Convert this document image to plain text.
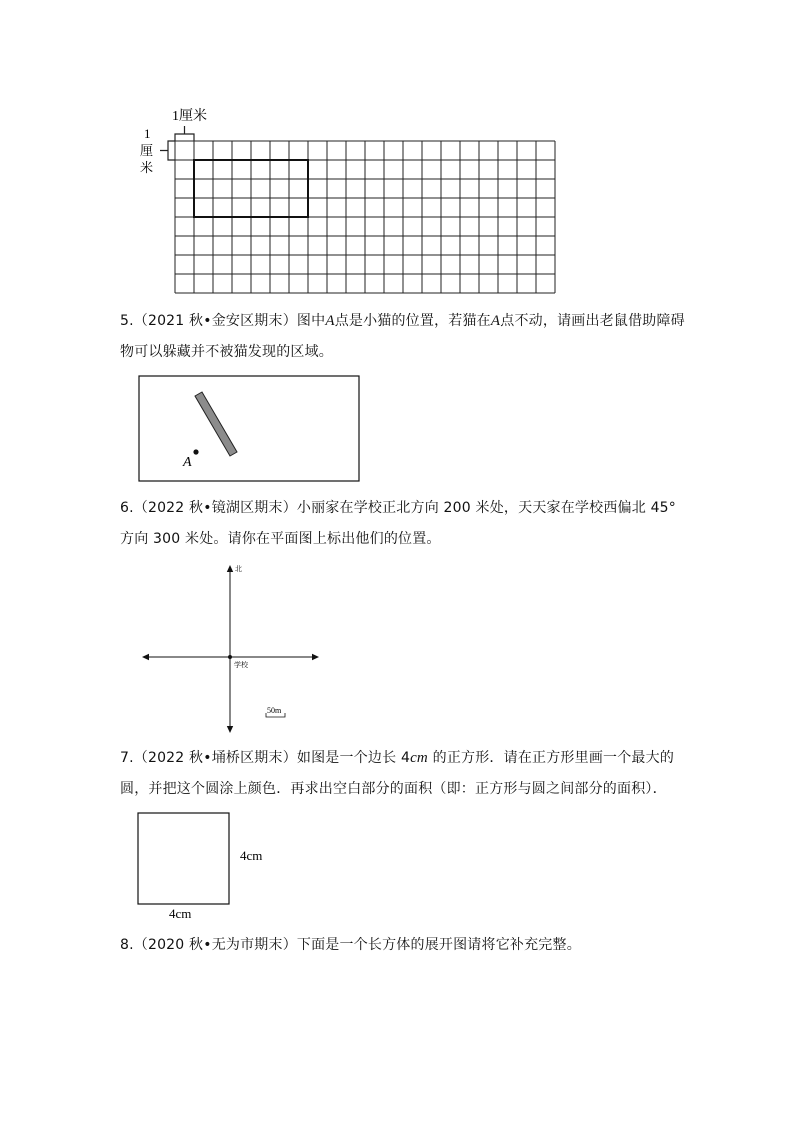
1厘米
1
厘
米
5.（2021 秋•金安区期末）图中A点是小猫的位置，若猫在A点不动，请画出老鼠借助障碍物可以躲藏并不被猫发现的区域。
A
6.（2022 秋•镜湖区期末）小丽家在学校正北方向 200 米处，天天家在学校西偏北 45° 方向 300 米处。请你在平面图上标出他们的位置。
北
学校
50m
7.（2022 秋•埇桥区期末）如图是一个边长 4cm 的正方形．请在正方形里画一个最大的圆，并把这个圆涂上颜色．再求出空白部分的面积（即：正方形与圆之间部分的面积）．
4cm
4cm
8.（2020 秋•无为市期末）下面是一个长方体的展开图请将它补充完整。
